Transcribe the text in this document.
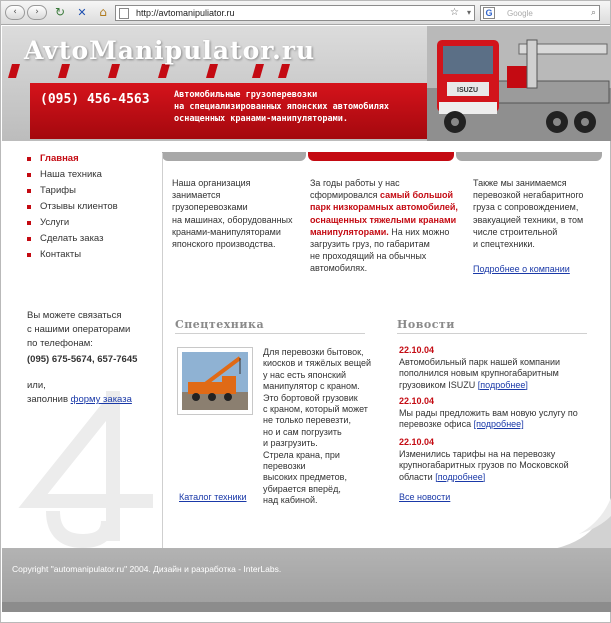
‹	›	↻	✕	⌂	http://avtomanipuliator.ru	☆ ▾ G	Google	⌕
AvtoManipulator.ru
(095) 456-4563	Автомобильные грузоперевозки
на специализированных японских автомобилях
оснащенных кранами-манипуляторами.
ISUZU
Главная
Наша техника
Тарифы
Отзывы клиентов
Услуги
Сделать заказ
Контакты
Вы можете связаться
с нашими операторами
по телефонам:
(095) 675-5674, 657-7645
или,
заполнив форму заказа
Наша организация
занимается
грузоперевозками
на машинах, оборудованных
кранами-манипуляторами
японского производства.
За годы работы у нас
сформировался самый большой
парк низкорамных автомобилей,
оснащенных тяжелыми кранами
манипуляторами. На них можно
загрузить груз, по габаритам
не проходящий на обычных
автомобилях.
Также мы занимаемся
перевозкой негабаритного
груза с сопровождением,
эвакуацией техники, в том
числе строительной
и спецтехники.
Подробнее о компании
Спецтехника
Для перевозки бытовок,
киосков и тяжёлых вещей
у нас есть японский
манипулятор с краном.
Это бортовой грузовик
с краном, который может
не только перевезти,
но и сам погрузить
и разгрузить.
Стрела крана, при перевозки
высоких предметов,
убирается вперёд,
над кабиной.
Каталог техники
Новости
22.10.04
Автомобильный парк нашей компании пополнился новым крупногабаритным грузовиком ISUZU [подробнее]
22.10.04
Мы рады предложить вам новую услугу по перевозке офиса [подробнее]
22.10.04
Изменились тарифы на на перевозку крупногабаритных грузов по Московской области [подробнее]
Все новости
Copyright "automanipulator.ru" 2004. Дизайн и разработка - InterLabs.
